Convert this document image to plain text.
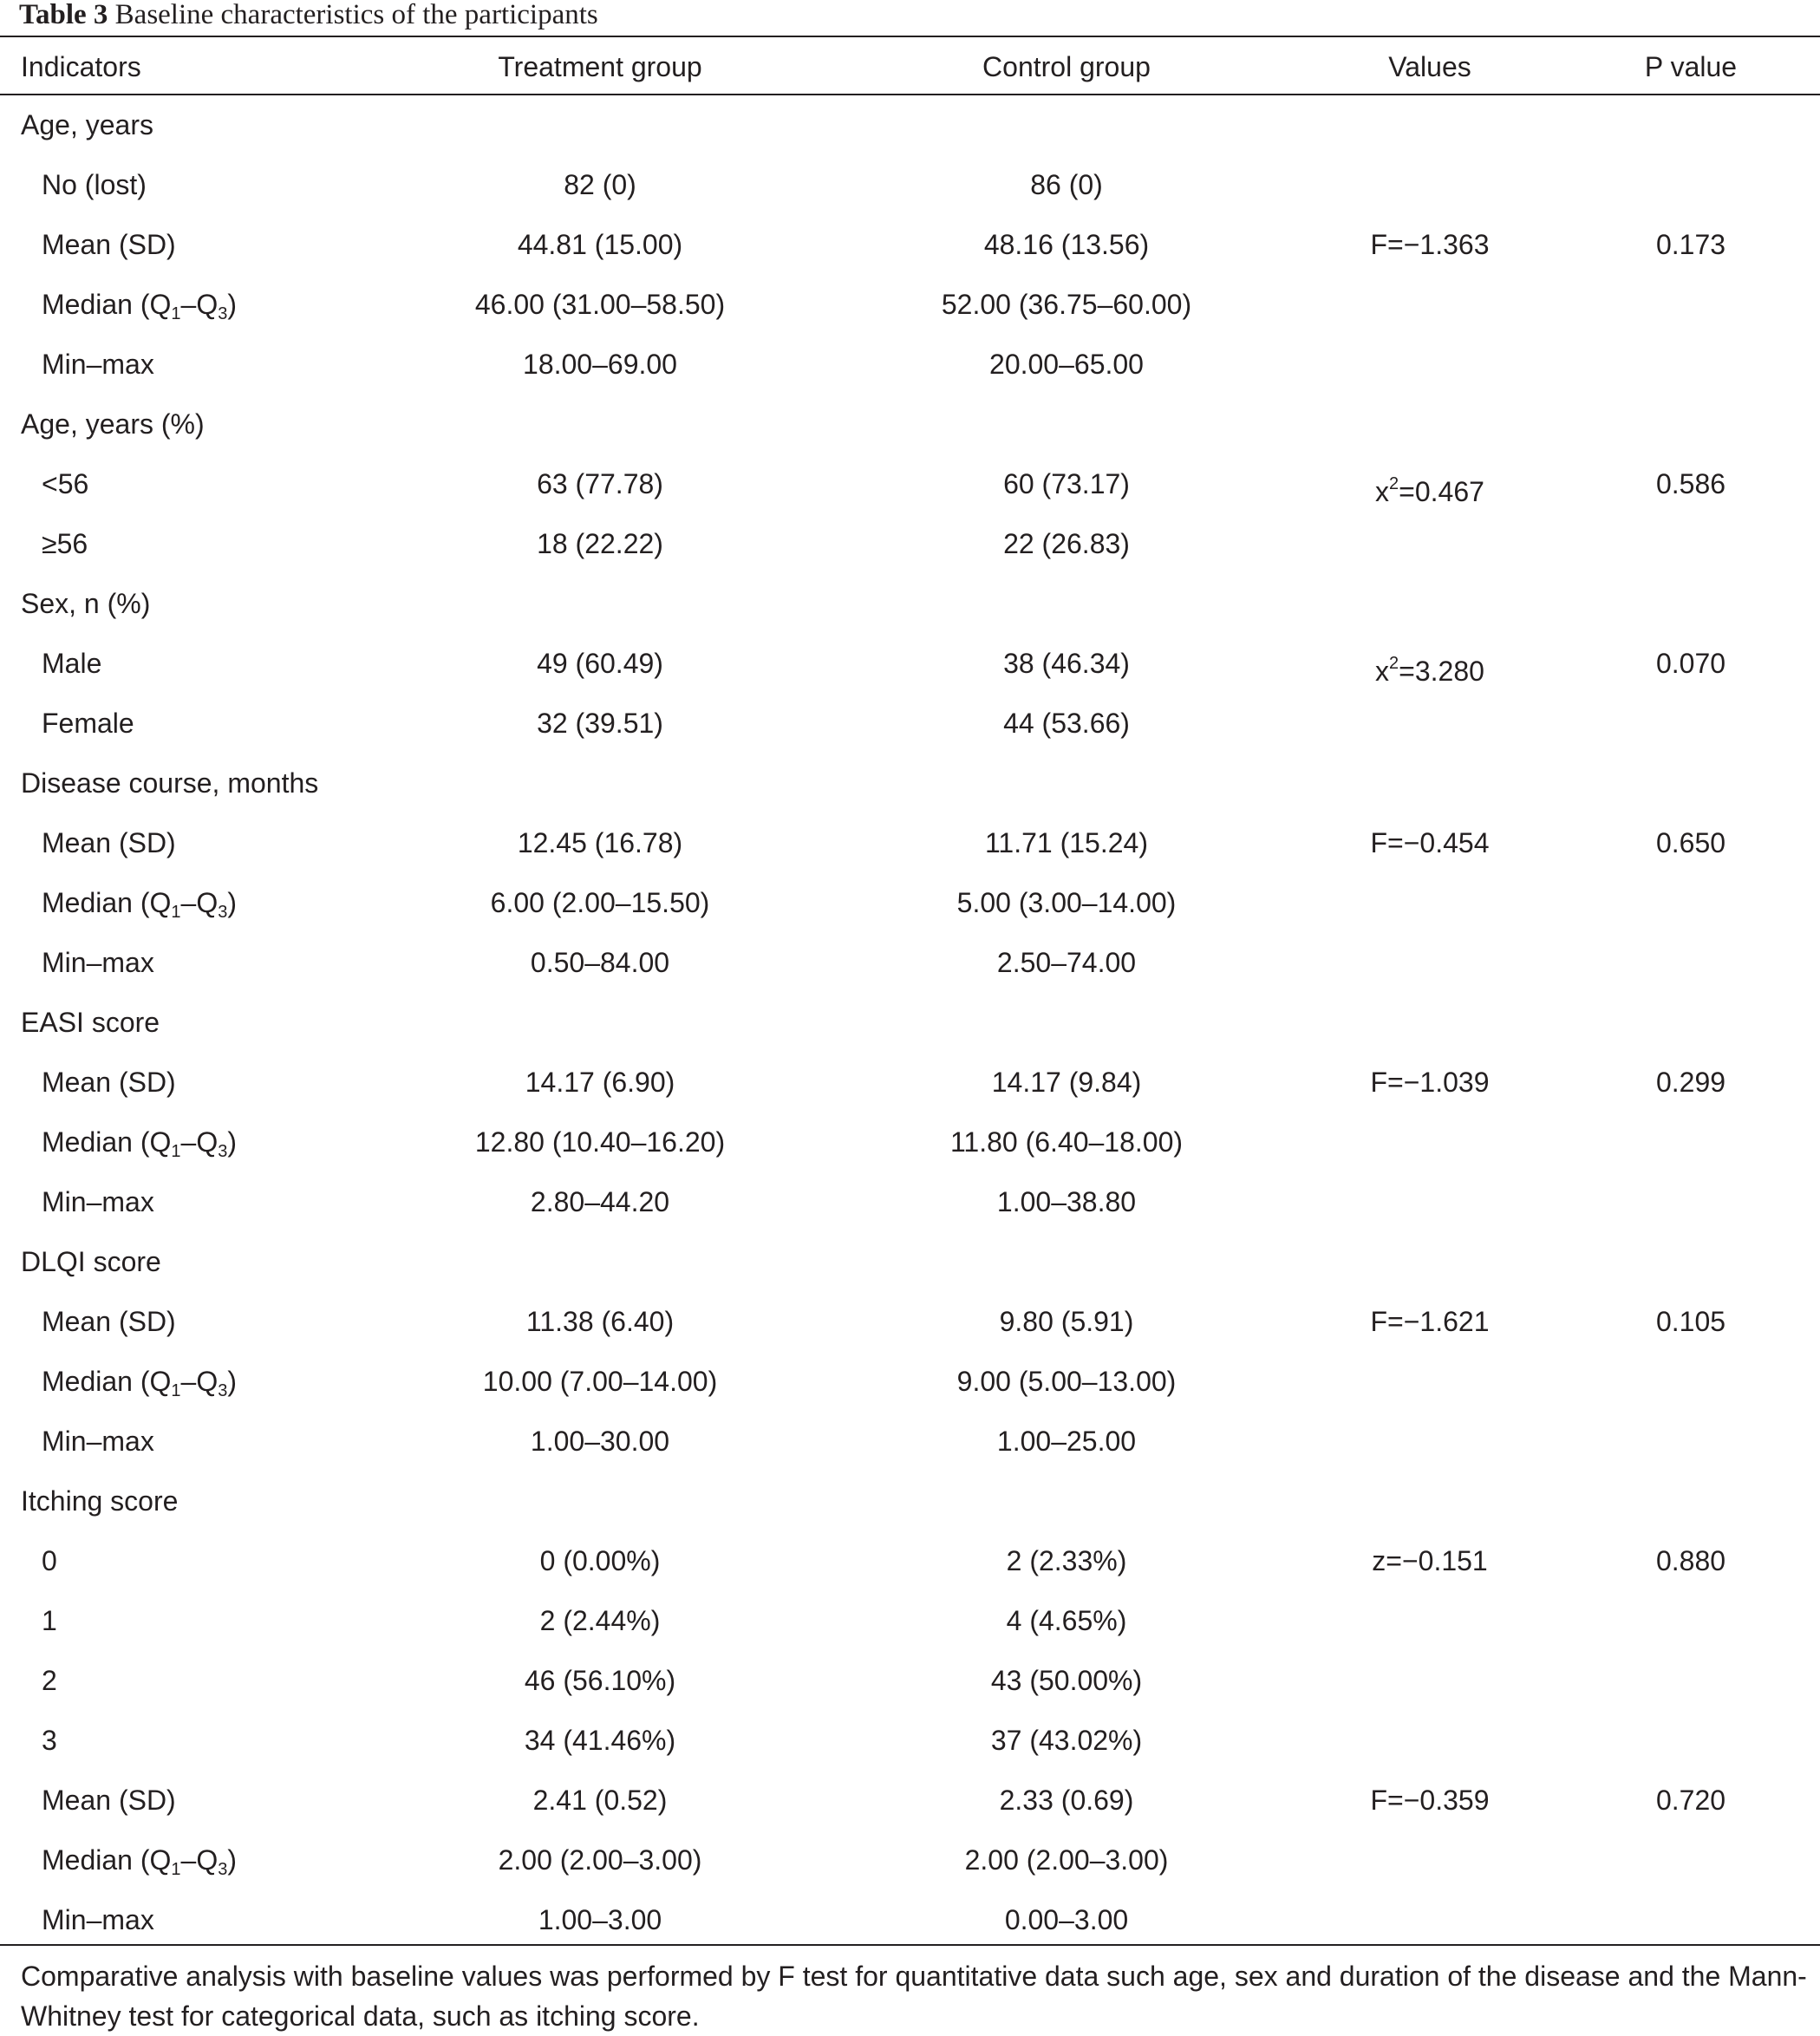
Table 3 Baseline characteristics of the participants
Indicators	Treatment group	Control group	Values	P value
Age, years
No (lost)	82 (0)	86 (0)
Mean (SD)	44.81 (15.00)	48.16 (13.56)	F=−1.363	0.173
Median $(Q_1-Q_3)$	46.00 (31.00–58.50)	52.00 (36.75–60.00)
Min–max	18.00–69.00	20.00–65.00
Age, years (%)
<56	63 (77.78)	60 (73.17)	$x^2=0.467$	0.586
≥56	18 (22.22)	22 (26.83)
Sex, n (%)
Male	49 (60.49)	38 (46.34)	$x^2=3.280$	0.070
Female	32 (39.51)	44 (53.66)
Disease course, months
Mean (SD)	12.45 (16.78)	11.71 (15.24)	F=−0.454	0.650
Median $(Q_1-Q_3)$	6.00 (2.00–15.50)	5.00 (3.00–14.00)
Min–max	0.50–84.00	2.50–74.00
EASI score
Mean (SD)	14.17 (6.90)	14.17 (9.84)	F=−1.039	0.299
Median $(Q_1-Q_3)$	12.80 (10.40–16.20)	11.80 (6.40–18.00)
Min–max	2.80–44.20	1.00–38.80
DLQI score
Mean (SD)	11.38 (6.40)	9.80 (5.91)	F=−1.621	0.105
Median $(Q_1-Q_3)$	10.00 (7.00–14.00)	9.00 (5.00–13.00)
Min–max	1.00–30.00	1.00–25.00
Itching score
0	0 (0.00%)	2 (2.33%)	z=−0.151	0.880
1	2 (2.44%)	4 (4.65%)
2	46 (56.10%)	43 (50.00%)
3	34 (41.46%)	37 (43.02%)
Mean (SD)	2.41 (0.52)	2.33 (0.69)	F=−0.359	0.720
Median $(Q_1-Q_3)$	2.00 (2.00–3.00)	2.00 (2.00–3.00)
Min–max	1.00–3.00	0.00–3.00
Comparative analysis with baseline values was performed by F test for quantitative data such age, sex and duration of the disease and the Mann-Whitney test for categorical data, such as itching score.
